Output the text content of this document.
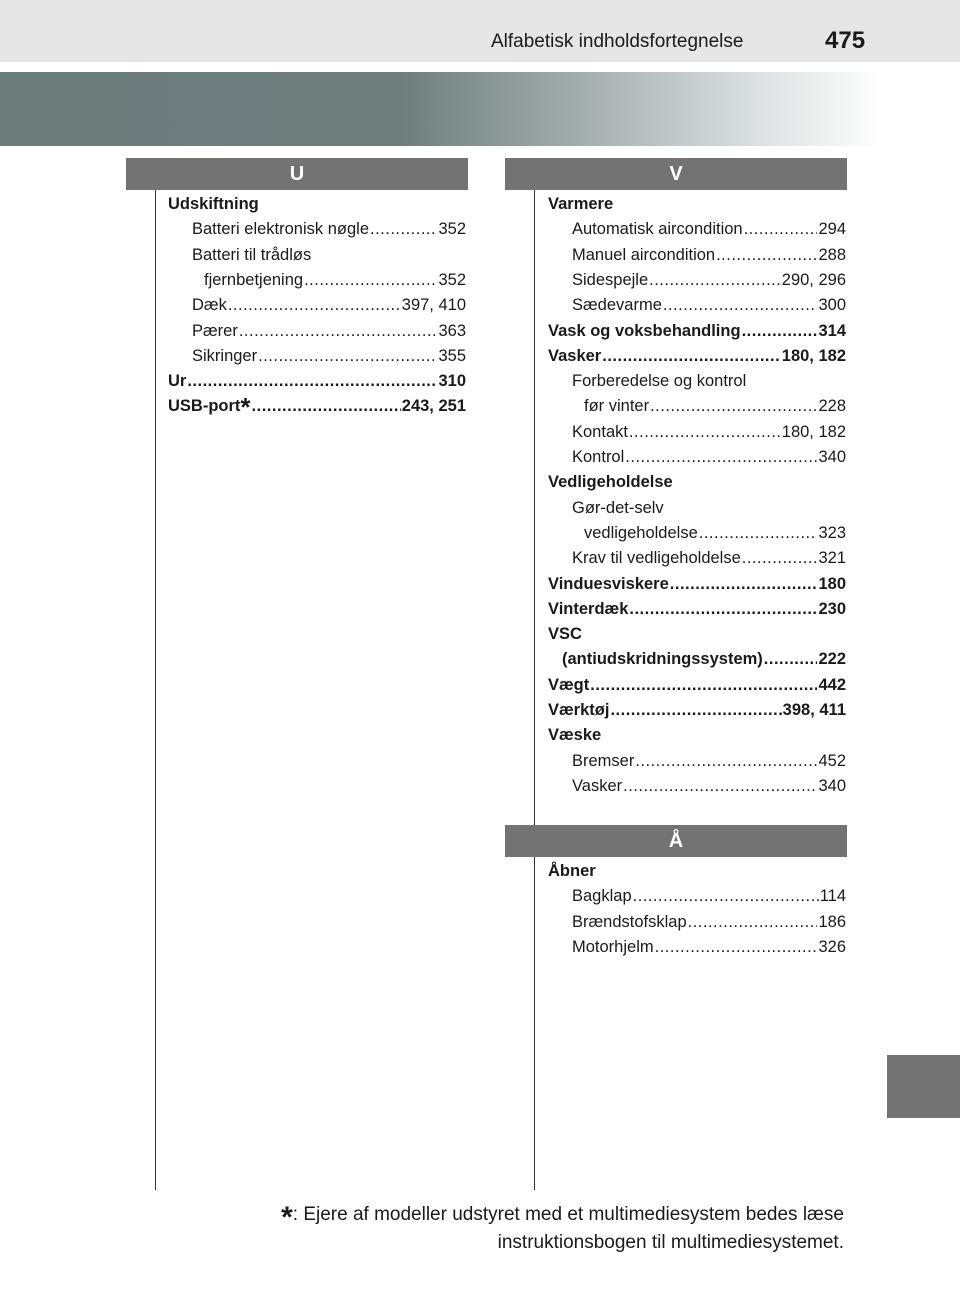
Alfabetisk indholdsfortegnelse	475
U	V
Å
Udskiftning
Batteri elektronisk nøgle .....	352
Batteri til trådløs
fjernbetjening .....	352
Dæk .....	397, 410
Pærer .....	363
Sikringer .....	355
Ur .....	310
USB-port * .....	243, 251
Varmere
Automatisk aircondition .....	294
Manuel aircondition .....	288
Sidespejle .....	290, 296
Sædevarme .....	300
Vask og voksbehandling .....	314
Vasker .....	180, 182
Forberedelse og kontrol
før vinter .....	228
Kontakt .....	180, 182
Kontrol .....	340
Vedligeholdelse
Gør-det-selv
vedligeholdelse .....	323
Krav til vedligeholdelse .....	321
Vinduesviskere .....	180
Vinterdæk .....	230
VSC
(antiudskridningssystem) .....	222
Vægt .....	442
Værktøj .....	398, 411
Væske
Bremser .....	452
Vasker .....	340
Åbner
Bagklap .....	114
Brændstofsklap .....	186
Motorhjelm .....	326
*: Ejere af modeller udstyret med et multimediesystem bedes læse
instruktionsbogen til multimediesystemet.
